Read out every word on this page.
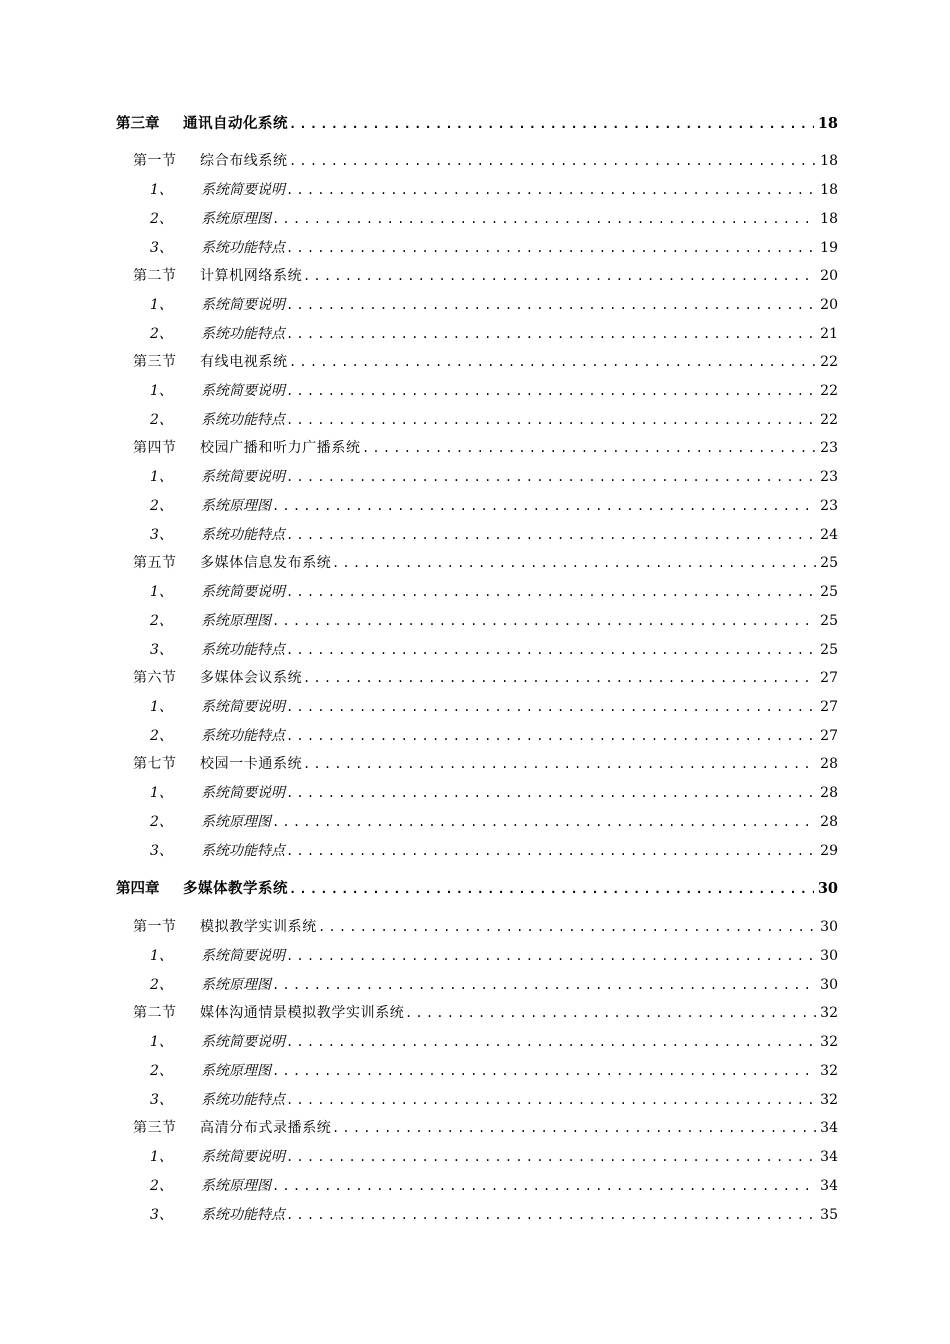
第三章 通讯自动化系统 .....	18
第一节 综合布线系统 .....	18
1、 系统简要说明 .....	18
2、 系统原理图 .....	18
3、 系统功能特点 .....	19
第二节 计算机网络系统 .....	20
1、 系统简要说明 .....	20
2、 系统功能特点 .....	21
第三节 有线电视系统 .....	22
1、 系统简要说明 .....	22
2、 系统功能特点 .....	22
第四节 校园广播和听力广播系统 .....	23
1、 系统简要说明 .....	23
2、 系统原理图 .....	23
3、 系统功能特点 .....	24
第五节 多媒体信息发布系统 .....	25
1、 系统简要说明 .....	25
2、 系统原理图 .....	25
3、 系统功能特点 .....	25
第六节 多媒体会议系统 .....	27
1、 系统简要说明 .....	27
2、 系统功能特点 .....	27
第七节 校园一卡通系统 .....	28
1、 系统简要说明 .....	28
2、 系统原理图 .....	28
3、 系统功能特点 .....	29
第四章 多媒体教学系统 .....	30
第一节 模拟教学实训系统 .....	30
1、 系统简要说明 .....	30
2、 系统原理图 .....	30
第二节 媒体沟通情景模拟教学实训系统 .....	32
1、 系统简要说明 .....	32
2、 系统原理图 .....	32
3、 系统功能特点 .....	32
第三节 高清分布式录播系统 .....	34
1、 系统简要说明 .....	34
2、 系统原理图 .....	34
3、 系统功能特点 .....	35
